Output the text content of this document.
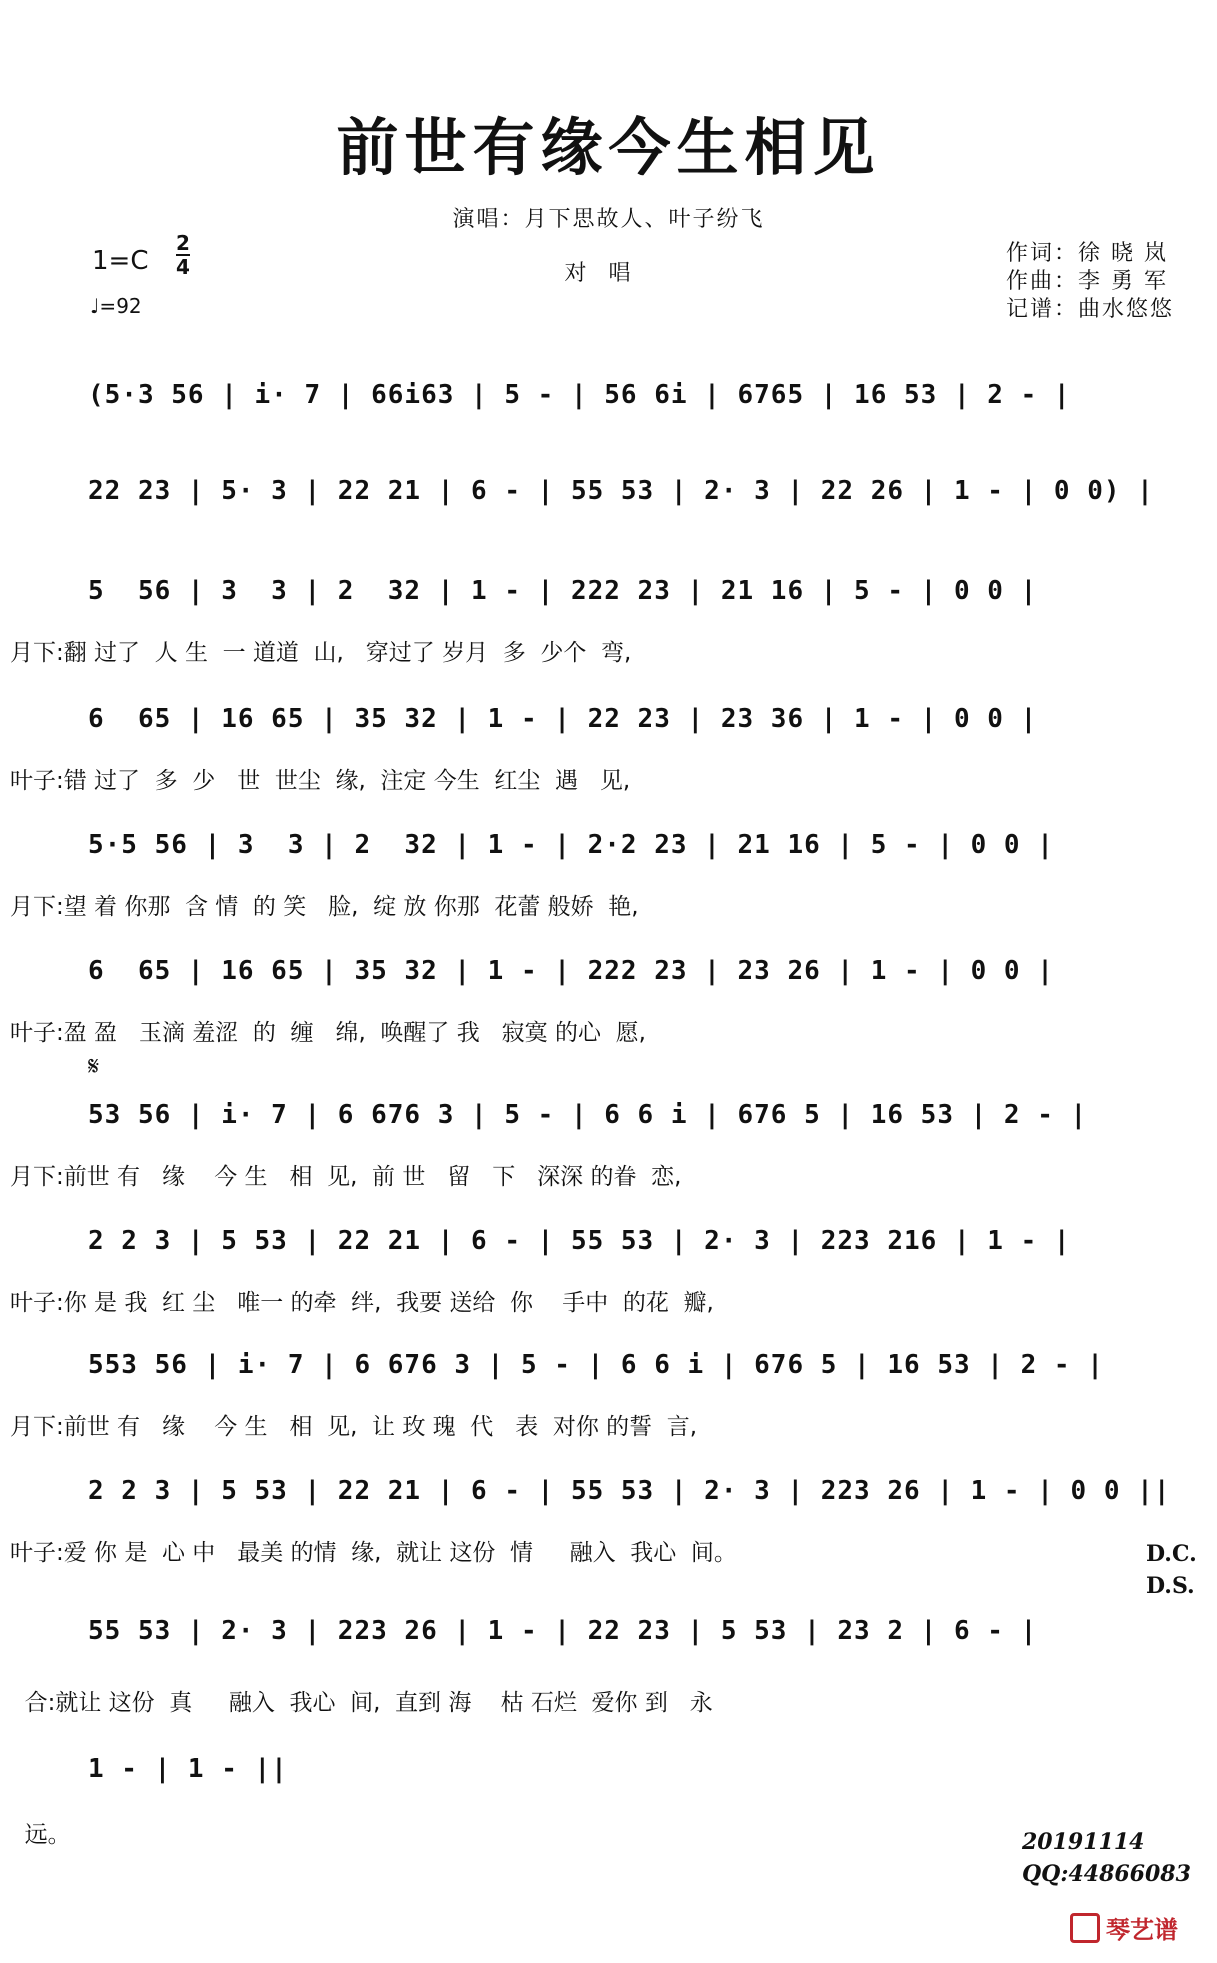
前世有缘今生相见
演唱：月下思故人、叶子纷飞
对唱
1=C
2
4
♩=92
作词：徐 晓 岚
作曲：李 勇 军
记谱：曲水悠悠
𝄋
(5·3 56 | i· 7 | 66i63 | 5 - | 56 6i | 6765 | 16 53 | 2 - |
22 23 | 5· 3 | 22 21 | 6 - | 55 53 | 2· 3 | 22 26 | 1 - | 0 0) |
5  56 | 3  3 | 2  32 | 1 - | 222 23 | 21 16 | 5 - | 0 0 |
月下:翻 过了  人 生  一 道道  山,   穿过了 岁月  多  少个  弯,
6  65 | 16 65 | 35 32 | 1 - | 22 23 | 23 36 | 1 - | 0 0 |
叶子:错 过了  多  少   世  世尘  缘,  注定 今生  红尘  遇   见,
5·5 56 | 3  3 | 2  32 | 1 - | 2·2 23 | 21 16 | 5 - | 0 0 |
月下:望 着 你那  含 情  的 笑   脸,  绽 放 你那  花蕾 般娇  艳,
6  65 | 16 65 | 35 32 | 1 - | 222 23 | 23 26 | 1 - | 0 0 |
叶子:盈 盈   玉滴 羞涩  的  缠   绵,  唤醒了 我   寂寞 的心  愿,
53 56 | i· 7 | 6 676 3 | 5 - | 6 6 i | 676 5 | 16 53 | 2 - |
月下:前世 有   缘    今 生   相  见,  前 世   留   下   深深 的眷  恋,
2 2 3 | 5 53 | 22 21 | 6 - | 55 53 | 2· 3 | 223 216 | 1 - |
叶子:你 是 我  红 尘   唯一 的牵  绊,  我要 送给  你    手中  的花  瓣,
553 56 | i· 7 | 6 676 3 | 5 - | 6 6 i | 676 5 | 16 53 | 2 - |
月下:前世 有   缘    今 生   相  见,  让 玫 瑰  代   表  对你 的誓  言,
2 2 3 | 5 53 | 22 21 | 6 - | 55 53 | 2· 3 | 223 26 | 1 - | 0 0 ||
叶子:爱 你 是  心 中   最美 的情  缘,  就让 这份  情     融入  我心  间。
55 53 | 2· 3 | 223 26 | 1 - | 22 23 | 5 53 | 23 2 | 6 - |
合:就让 这份  真     融入  我心  间,  直到 海    枯 石烂  爱你 到   永
1 - | 1 - ||
远。
D.C.
D.S.
20191114
QQ:44866083
琴艺谱
